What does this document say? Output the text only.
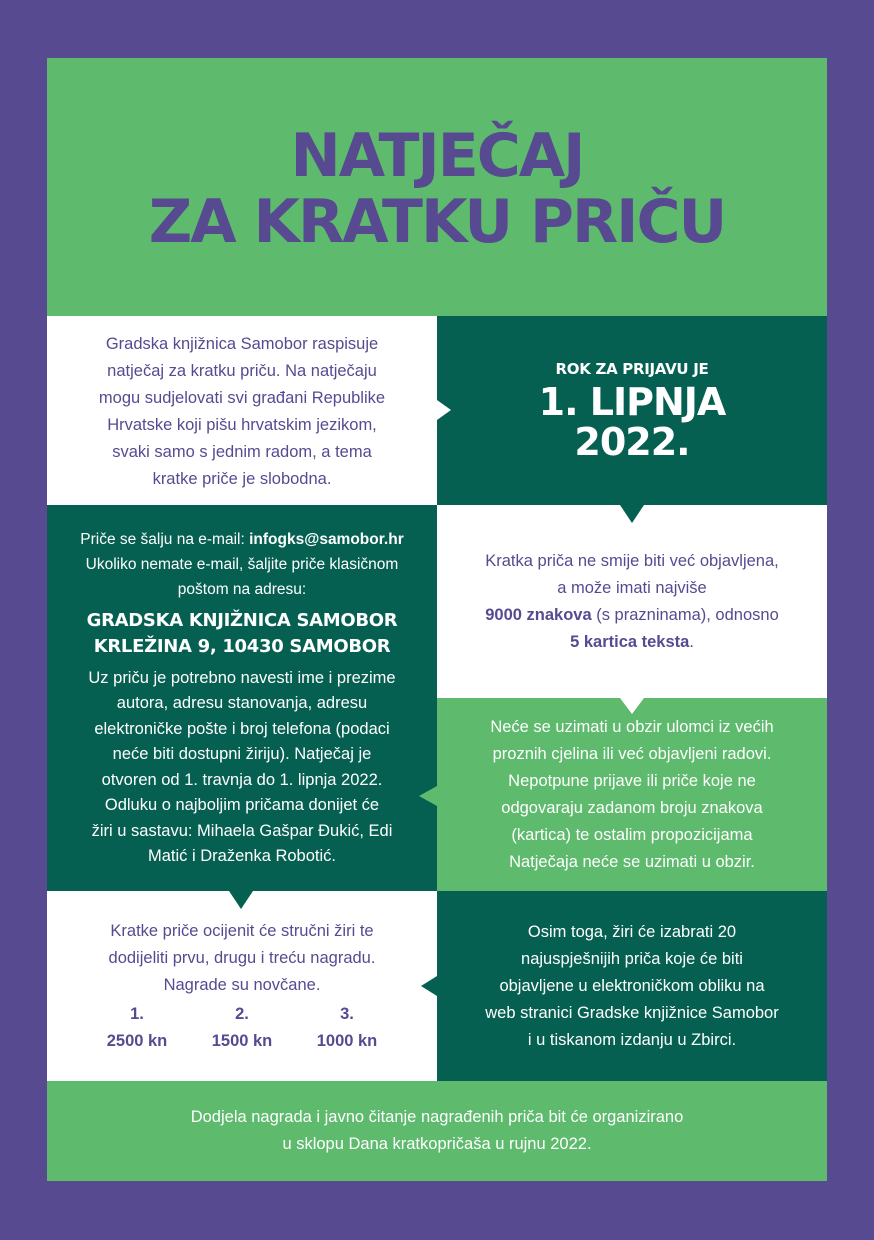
NATJEČAJ
ZA KRATKU PRIČU
Gradska knjižnica Samobor raspisuje
natječaj za kratku priču. Na natječaju
mogu sudjelovati svi građani Republike
Hrvatske koji pišu hrvatskim jezikom,
svaki samo s jednim radom, a tema
kratke priče je slobodna.
ROK ZA PRIJAVU JE
1. LIPNJA
2022.
Priče se šalju na e-mail: infogks@samobor.hr
Ukoliko nemate e-mail, šaljite priče klasičnom
poštom na adresu:
GRADSKA KNJIŽNICA SAMOBOR
KRLEŽINA 9, 10430 SAMOBOR
Uz priču je potrebno navesti ime i prezime
autora, adresu stanovanja, adresu
elektroničke pošte i broj telefona (podaci
neće biti dostupni žiriju). Natječaj je
otvoren od 1. travnja do 1. lipnja 2022.
Odluku o najboljim pričama donijet će
žiri u sastavu: Mihaela Gašpar Đukić, Edi
Matić i Draženka Robotić.
Kratka priča ne smije biti već objavljena,
a može imati najviše
9000 znakova (s prazninama), odnosno
5 kartica teksta.
Neće se uzimati u obzir ulomci iz većih
proznih cjelina ili već objavljeni radovi.
Nepotpune prijave ili priče koje ne
odgovaraju zadanom broju znakova
(kartica) te ostalim propozicijama
Natječaja neće se uzimati u obzir.
Kratke priče ocijenit će stručni žiri te
dodijeliti prvu, drugu i treću nagradu.
Nagrade su novčane.
1.
2500 kn
2.
1500 kn
3.
1000 kn
Osim toga, žiri će izabrati 20
najuspješnijih priča koje će biti
objavljene u elektroničkom obliku na
web stranici Gradske knjižnice Samobor
i u tiskanom izdanju u Zbirci.
Dodjela nagrada i javno čitanje nagrađenih priča bit će organizirano
u sklopu Dana kratkopričaša u rujnu 2022.
